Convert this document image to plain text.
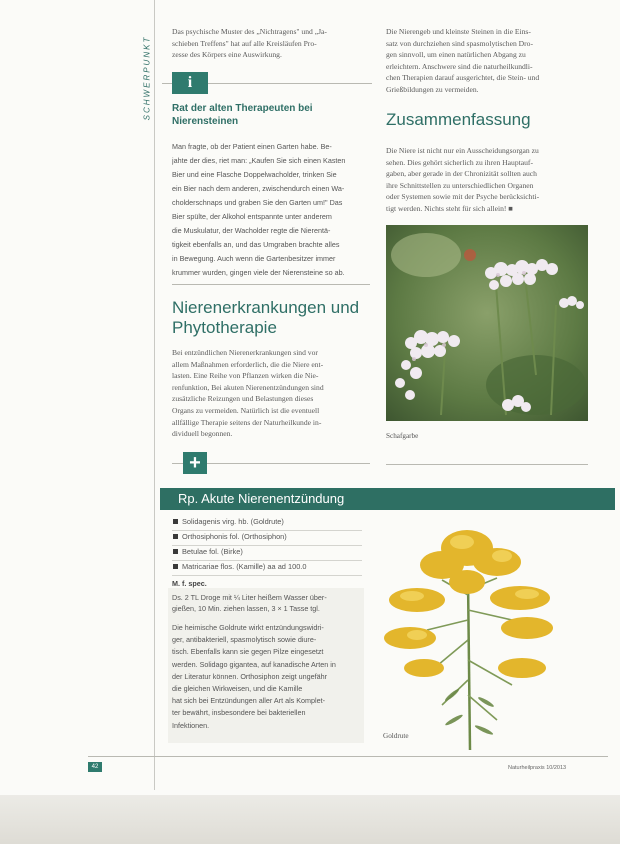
SCHWERPUNKT
Das psychische Muster des „Nichtragens" und „Ja-
schieben Treffens" hat auf alle Kreisläufen Pro-
zesse des Körpers eine Auswirkung.
Die Nierengeb und kleinste Steinen in die Eins-
satz von durchziehen sind spasmolytischen Dro-
gen sinnvoll, um einen natürlichen Abgang zu
erleichtern. Anschwere sind die naturheilkundli-
chen Therapien darauf ausgerichtet, die Stein- und
Grießbildungen zu vermeiden.
i
Rat der alten Therapeuten bei Nierensteinen
Man fragte, ob der Patient einen Garten habe. Be-
jahte der dies, riet man: „Kaufen Sie sich einen Kasten
Bier und eine Flasche Doppelwacholder, trinken Sie
ein Bier nach dem anderen, zwischendurch einen Wa-
cholderschnaps und graben Sie den Garten um!" Das
Bier spülte, der Alkohol entspannte unter anderem
die Muskulatur, der Wacholder regte die Nierentä-
tigkeit ebenfalls an, und das Umgraben brachte alles
in Bewegung. Auch wenn die Gartenbesitzer immer
krummer wurden, gingen viele der Nierensteine so ab.
Nierenerkrankungen und
Phytotherapie
Bei entzündlichen Nierenerkrankungen sind vor
allem Maßnahmen erforderlich, die die Niere ent-
lasten. Eine Reihe von Pflanzen wirken die Nie-
renfunktion, Bei akuten Nierenentzündungen sind
zusätzliche Reizungen und Belastungen dieses
Organs zu vermeiden. Natürlich ist die eventuell
allfällige Therapie seitens der Naturheilkunde in-
dividuell begonnen.
Zusammenfassung
Die Niere ist nicht nur ein Ausscheidungsorgan zu
sehen. Dies gehört sicherlich zu ihren Hauptauf-
gaben, aber gerade in der Chronizität sollten auch
ihre Schnittstellen zu unterschiedlichen Organen
oder Systemen sowie mit der Psyche berücksichti-
tigt werden. Nichts steht für sich allein! ■
Schafgarbe
+
Rp. Akute Nierenentzündung
Solidagenis virg. hb. (Goldrute)
Orthosiphonis fol. (Orthosiphon)
Betulae fol. (Birke)
Matricariae flos. (Kamille) aa ad 100.0
M. f. spec.
Ds. 2 TL Droge mit ¼ Liter heißem Wasser über-
gießen, 10 Min. ziehen lassen, 3 × 1 Tasse tgl.
Die heimische Goldrute wirkt entzündungswidri-
ger, antibakteriell, spasmolytisch sowie diure-
tisch. Ebenfalls kann sie gegen Pilze eingesetzt
werden. Solidago gigantea, auf kanadische Arten in
der Literatur können. Orthosiphon zeigt ungefähr
die gleichen Wirkweisen, und die Kamille
hat sich bei Entzündungen aller Art als Komplet-
ter bewährt, insbesondere bei bakteriellen
Infektionen.
Goldrute
42	Naturheilpraxis 10/2013
